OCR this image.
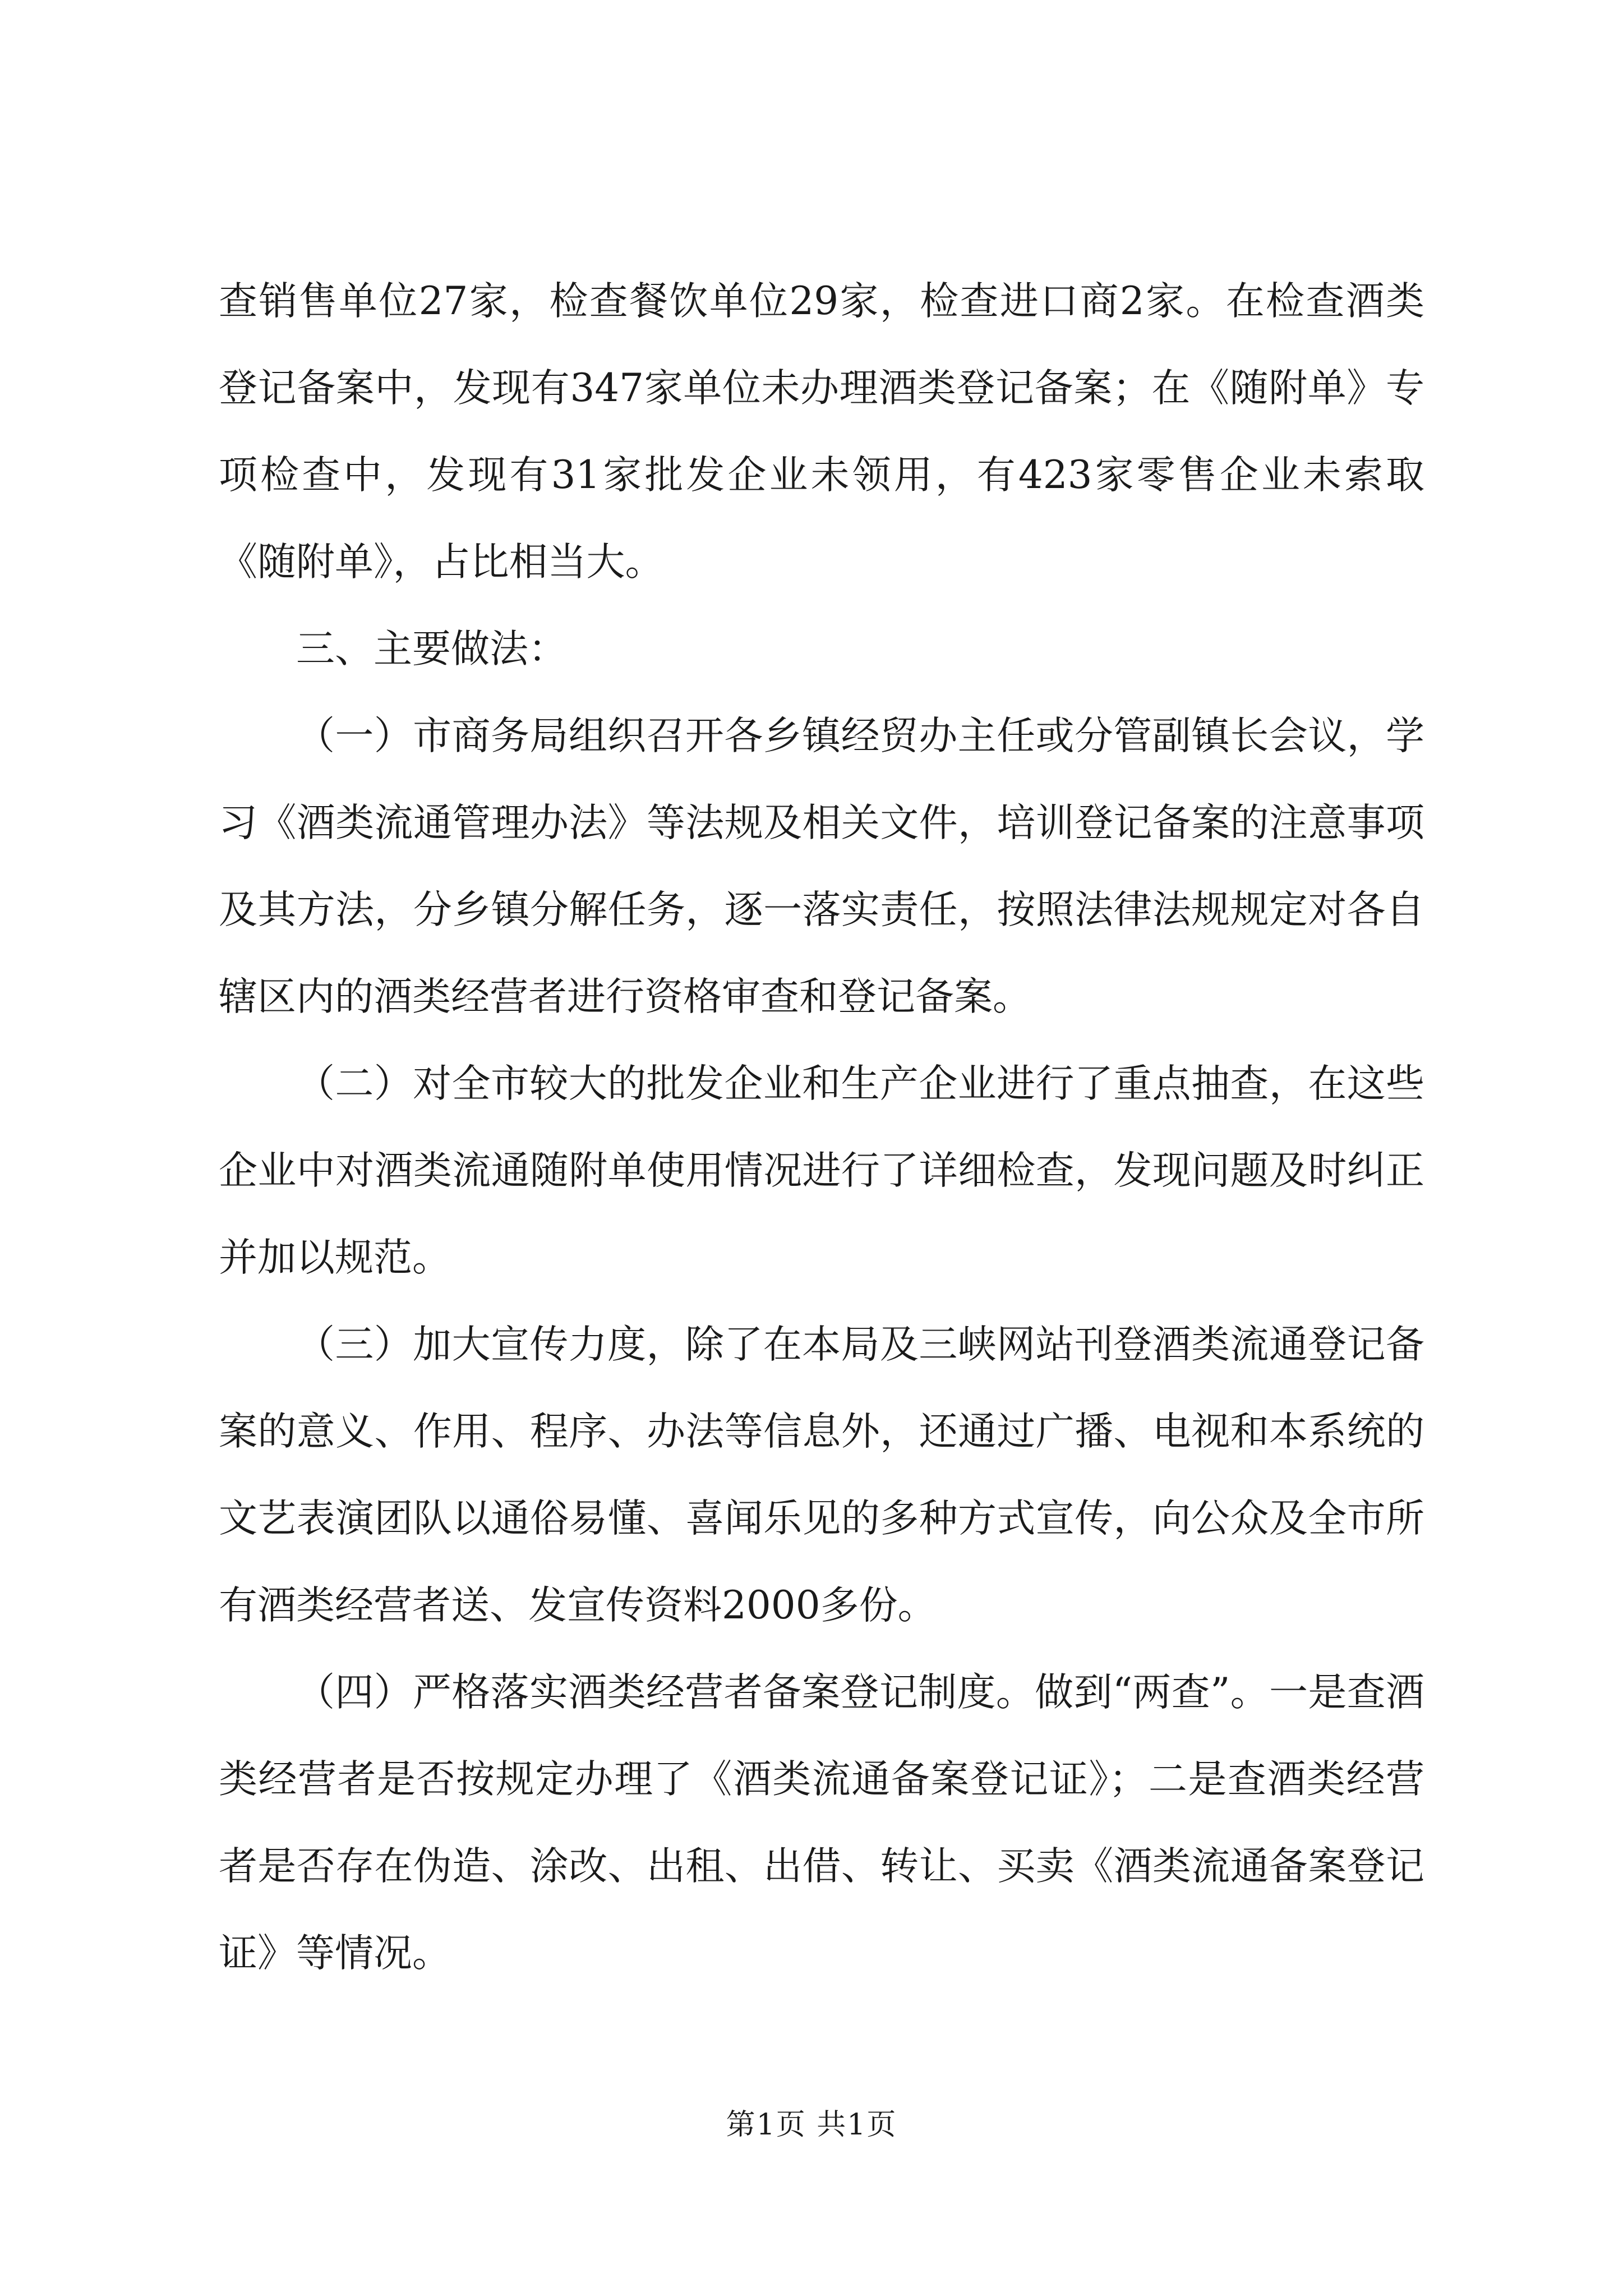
查销售单位27家，检查餐饮单位29家，检查进口商2家。在检查酒类登记备案中，发现有347家单位未办理酒类登记备案；在《随附单》专项检查中，发现有31家批发企业未领用，有423家零售企业未索取《随附单》，占比相当大。

三、主要做法：

（一）市商务局组织召开各乡镇经贸办主任或分管副镇长会议，学习《酒类流通管理办法》等法规及相关文件，培训登记备案的注意事项及其方法，分乡镇分解任务，逐一落实责任，按照法律法规规定对各自辖区内的酒类经营者进行资格审查和登记备案。

（二）对全市较大的批发企业和生产企业进行了重点抽查，在这些企业中对酒类流通随附单使用情况进行了详细检查，发现问题及时纠正并加以规范。

（三）加大宣传力度，除了在本局及三峡网站刊登酒类流通登记备案的意义、作用、程序、办法等信息外，还通过广播、电视和本系统的文艺表演团队以通俗易懂、喜闻乐见的多种方式宣传，向公众及全市所有酒类经营者送、发宣传资料2000多份。

（四）严格落实酒类经营者备案登记制度。做到“两查”。一是查酒类经营者是否按规定办理了《酒类流通备案登记证》；二是查酒类经营者是否存在伪造、涂改、出租、出借、转让、买卖《酒类流通备案登记证》等情况。

第1页 共1页
